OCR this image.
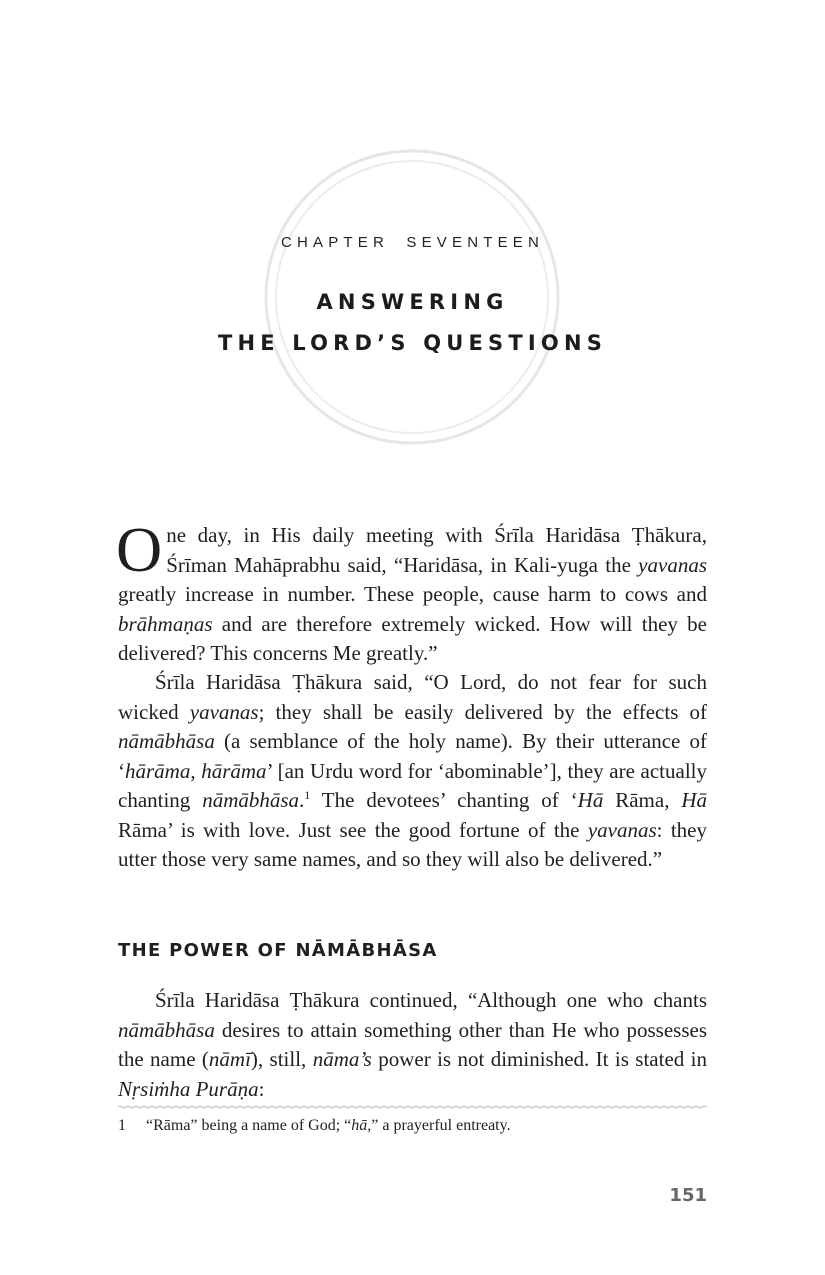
CHAPTER SEVENTEEN
ANSWERING
THE LORD’S QUESTIONS

One day, in His daily meeting with Śrīla Haridāsa Ṭhākura, Śrīman Mahāprabhu said, “Haridāsa, in Kali-yuga the yavanas greatly increase in number. These people, cause harm to cows and brāhmaṇas and are therefore extremely wicked. How will they be delivered? This concerns Me greatly.”

Śrīla Haridāsa Ṭhākura said, “O Lord, do not fear for such wicked yavanas; they shall be easily delivered by the effects of nāmābhāsa (a semblance of the holy name). By their utterance of ‘hārāma, hārāma’ [an Urdu word for ‘abominable’], they are actually chanting nāmābhāsa.$^1$ The devotees’ chanting of ‘Hā Rāma, Hā Rāma’ is with love. Just see the good fortune of the yavanas: they utter those very same names, and so they will also be delivered.”

THE POWER OF NĀMĀBHĀSA

Śrīla Haridāsa Ṭhākura continued, “Although one who chants nāmābhāsa desires to attain something other than He who possesses the name (nāmī), still, nāma’s power is not diminished. It is stated in Nṛsiṁha Purāṇa:

1 “Rāma” being a name of God; “hā,” a prayerful entreaty.
151
